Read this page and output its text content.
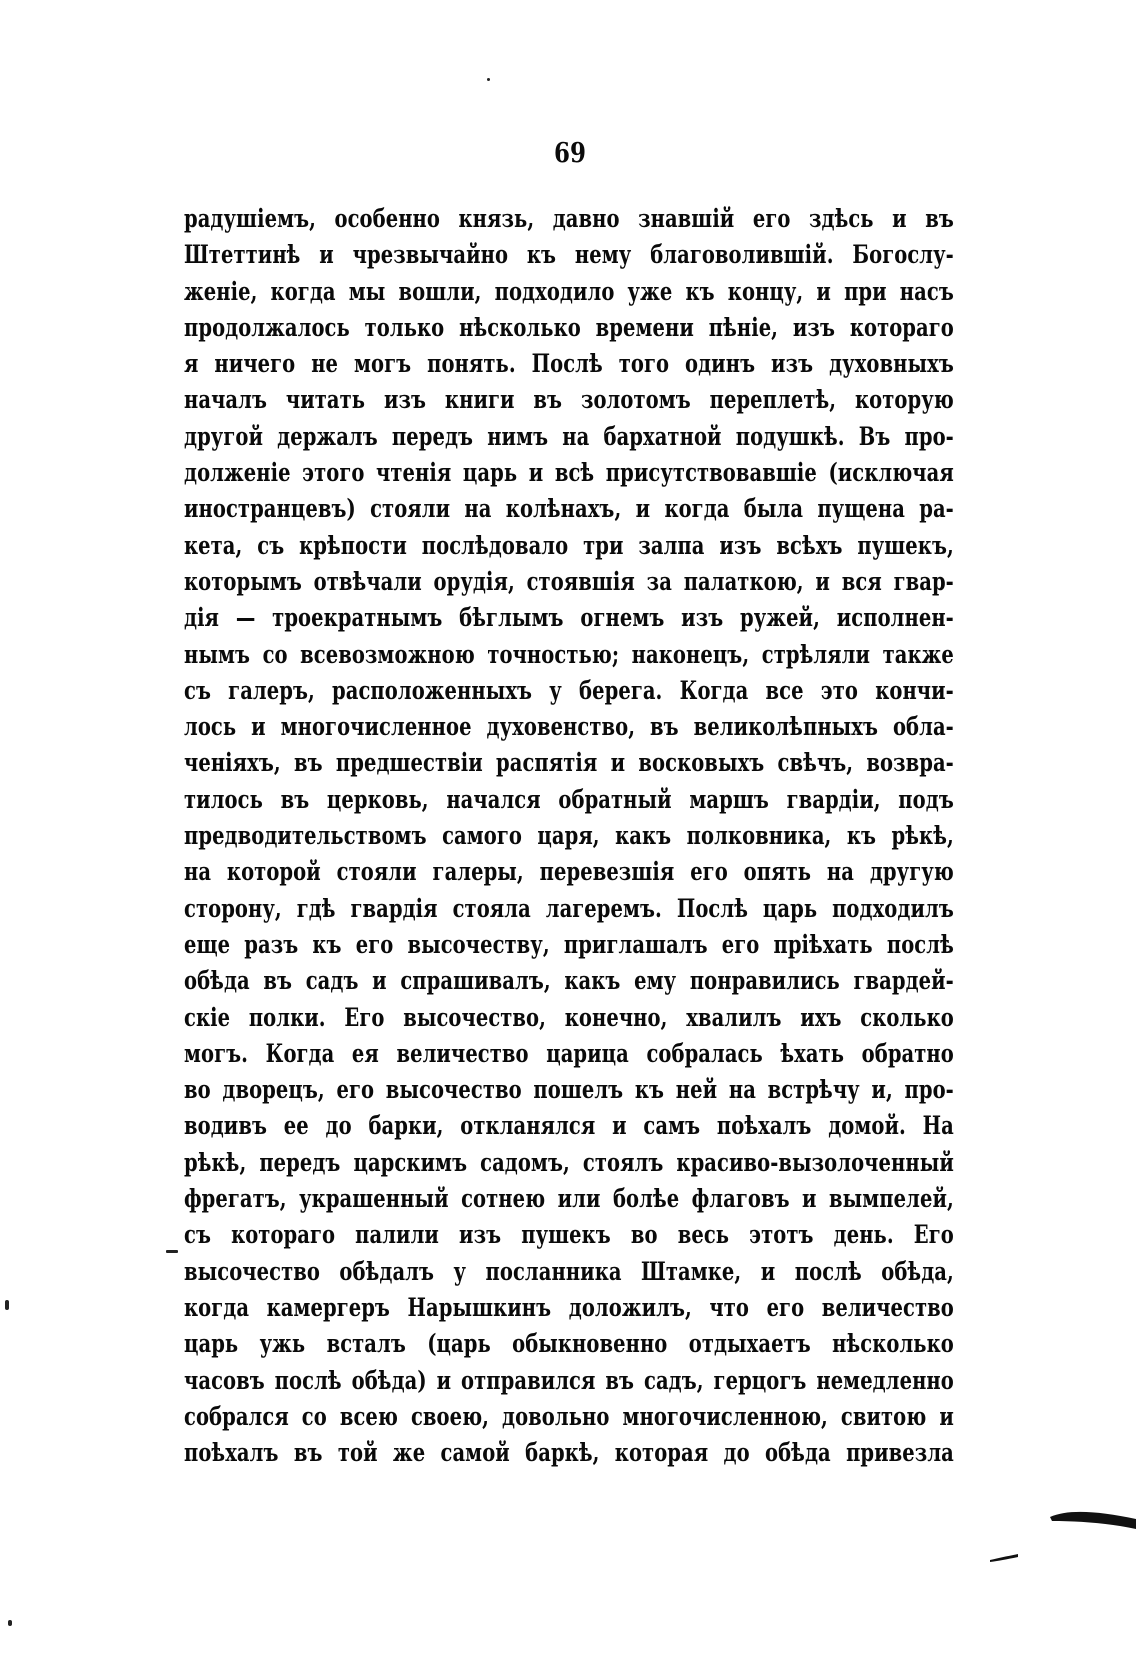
69
радушіемъ, особенно князь, давно знавшій его здѣсь и въ
Штеттинѣ и чрезвычайно къ нему благоволившій. Богослу-
женіе, когда мы вошли, подходило уже къ концу, и при насъ
продолжалось только нѣсколько времени пѣніе, изъ котораго
я ничего не могъ понять. Послѣ того одинъ изъ духовныхъ
началъ читать изъ книги въ золотомъ переплетѣ, которую
другой держалъ передъ нимъ на бархатной подушкѣ. Въ про-
долженіе этого чтенія царь и всѣ присутствовавшіе (исключая
иностранцевъ) стояли на колѣнахъ, и когда была пущена ра-
кета, съ крѣпости послѣдовало три залпа изъ всѣхъ пушекъ,
которымъ отвѣчали орудія, стоявшія за палаткою, и вся гвар-
дія — троекратнымъ бѣглымъ огнемъ изъ ружей, исполнен-
нымъ со всевозможною точностью; наконецъ, стрѣляли также
съ галеръ, расположенныхъ у берега. Когда все это кончи-
лось и многочисленное духовенство, въ великолѣпныхъ обла-
ченіяхъ, въ предшествіи распятія и восковыхъ свѣчъ, возвра-
тилось въ церковь, начался обратный маршъ гвардіи, подъ
предводительствомъ самого царя, какъ полковника, къ рѣкѣ,
на которой стояли галеры, перевезшія его опять на другую
сторону, гдѣ гвардія стояла лагеремъ. Послѣ царь подходилъ
еще разъ къ его высочеству, приглашалъ его пріѣхать послѣ
обѣда въ садъ и спрашивалъ, какъ ему понравились гвардей-
скіе полки. Его высочество, конечно, хвалилъ ихъ сколько
могъ. Когда ея величество царица собралась ѣхать обратно
во дворецъ, его высочество пошелъ къ ней на встрѣчу и, про-
водивъ ее до барки, откланялся и самъ поѣхалъ домой. На
рѣкѣ, передъ царскимъ садомъ, стоялъ красиво-вызолоченный
фрегатъ, украшенный сотнею или болѣе флаговъ и вымпелей,
съ котораго палили изъ пушекъ во весь этотъ день. Его
высочество обѣдалъ у посланника Штамке, и послѣ обѣда,
когда камергеръ Нарышкинъ доложилъ, что его величество
царь ужь всталъ (царь обыкновенно отдыхаетъ нѣсколько
часовъ послѣ обѣда) и отправился въ садъ, герцогъ немедленно
собрался со всею своею, довольно многочисленною, свитою и
поѣхалъ въ той же самой баркѣ, которая до обѣда привезла
